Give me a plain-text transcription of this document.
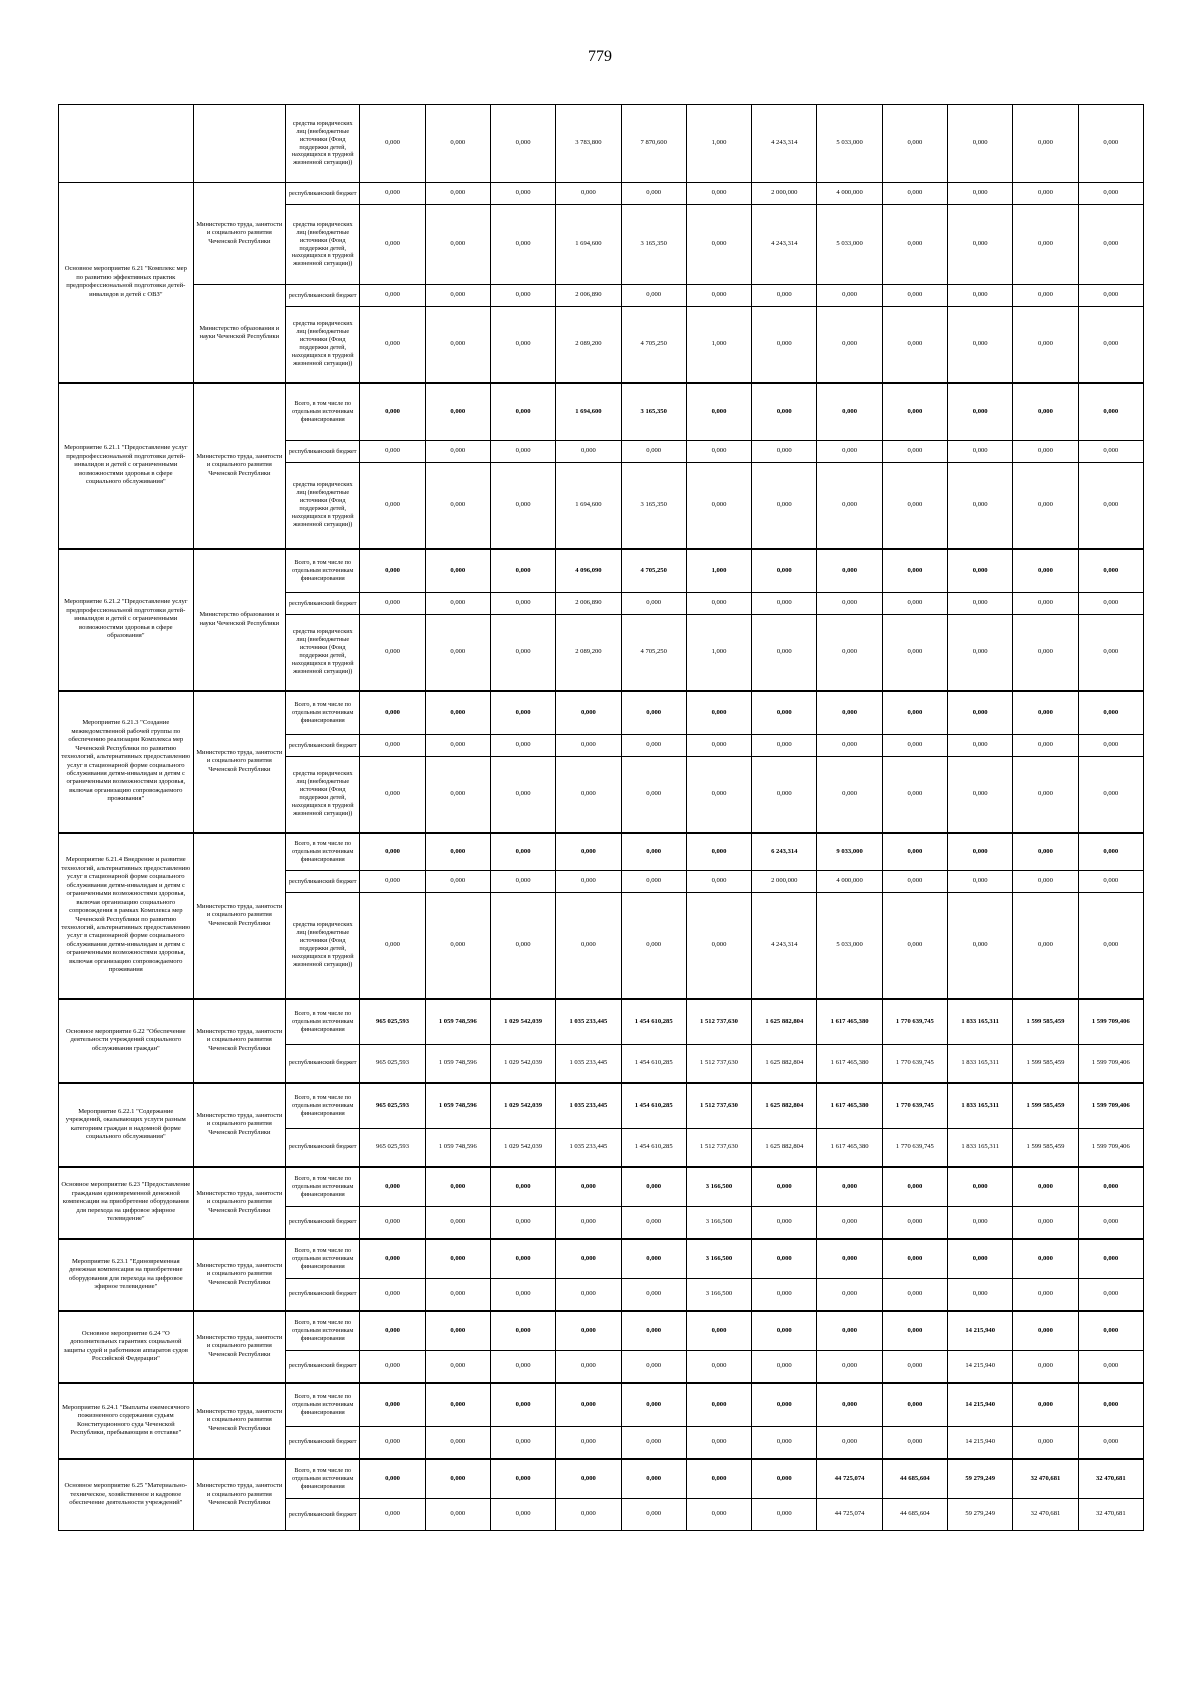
779
		средства юридических лиц (внебюджетные источники (Фонд поддержки детей, находящихся в трудной жизненной ситуации))	0,000	0,000	0,000	3 783,800	7 870,600	1,000	4 243,314	5 033,000	0,000	0,000	0,000	0,000
Основное мероприятие 6.21 "Комплекс мер по развитию эффективных практик предпрофессиональной подготовки детей-инвалидов и детей с ОВЗ"	Министерство труда, занятости и социального развития Чеченской Республики	республиканский бюджет	0,000	0,000	0,000	0,000	0,000	0,000	2 000,000	4 000,000	0,000	0,000	0,000	0,000
		средства юридических лиц (внебюджетные источники (Фонд поддержки детей, находящихся в трудной жизненной ситуации))	0,000	0,000	0,000	1 694,600	3 165,350	0,000	4 243,314	5 033,000	0,000	0,000	0,000	0,000
	Министерство образования и науки Чеченской Республики	республиканский бюджет	0,000	0,000	0,000	2 006,890	0,000	0,000	0,000	0,000	0,000	0,000	0,000	0,000
		средства юридических лиц (внебюджетные источники (Фонд поддержки детей, находящихся в трудной жизненной ситуации))	0,000	0,000	0,000	2 089,200	4 705,250	1,000	0,000	0,000	0,000	0,000	0,000	0,000
Мероприятие 6.21.1 "Предоставление услуг предпрофессиональной подготовки детей-инвалидов и детей с ограниченными возможностями здоровья в сфере социального обслуживания"	Министерство труда, занятости и социального развития Чеченской Республики	Всего, в том числе по отдельным источникам финансирования	0,000	0,000	0,000	1 694,600	3 165,350	0,000	0,000	0,000	0,000	0,000	0,000	0,000
		республиканский бюджет	0,000	0,000	0,000	0,000	0,000	0,000	0,000	0,000	0,000	0,000	0,000	0,000
		средства юридических лиц (внебюджетные источники (Фонд поддержки детей, находящихся в трудной жизненной ситуации))	0,000	0,000	0,000	1 694,600	3 165,350	0,000	0,000	0,000	0,000	0,000	0,000	0,000
Мероприятие 6.21.2 "Предоставление услуг предпрофессиональной подготовки детей-инвалидов и детей с ограниченными возможностями здоровья в сфере образования"	Министерство образования и науки Чеченской Республики	Всего, в том числе по отдельным источникам финансирования	0,000	0,000	0,000	4 096,090	4 705,250	1,000	0,000	0,000	0,000	0,000	0,000	0,000
		республиканский бюджет	0,000	0,000	0,000	2 006,890	0,000	0,000	0,000	0,000	0,000	0,000	0,000	0,000
		средства юридических лиц (внебюджетные источники (Фонд поддержки детей, находящихся в трудной жизненной ситуации))	0,000	0,000	0,000	2 089,200	4 705,250	1,000	0,000	0,000	0,000	0,000	0,000	0,000
Мероприятие 6.21.3 "Создание межведомственной рабочей группы по обеспечению реализации Комплекса мер Чеченской Республики по развитию технологий, альтернативных предоставлению услуг в стационарной форме социального обслуживания детям-инвалидам и детям с ограниченными возможностями здоровья, включая организацию сопровождаемого проживания"	Министерство труда, занятости и социального развития Чеченской Республики	Всего, в том числе по отдельным источникам финансирования	0,000	0,000	0,000	0,000	0,000	0,000	0,000	0,000	0,000	0,000	0,000	0,000
		республиканский бюджет	0,000	0,000	0,000	0,000	0,000	0,000	0,000	0,000	0,000	0,000	0,000	0,000
		средства юридических лиц (внебюджетные источники (Фонд поддержки детей, находящихся в трудной жизненной ситуации))	0,000	0,000	0,000	0,000	0,000	0,000	0,000	0,000	0,000	0,000	0,000	0,000
Мероприятие 6.21.4 Внедрение и развитие технологий, альтернативных предоставлению услуг в стационарной форме социального обслуживания детям-инвалидам и детям с ограниченными возможностями здоровья, включая организацию социального сопровождения в рамках Комплекса мер Чеченской Республики по развитию технологий, альтернативных предоставлению услуг в стационарной форме социального обслуживания детям-инвалидам и детям с ограниченными возможностями здоровья, включая организацию сопровождаемого проживания	Министерство труда, занятости и социального развития Чеченской Республики	Всего, в том числе по отдельным источникам финансирования	0,000	0,000	0,000	0,000	0,000	0,000	6 243,314	9 033,000	0,000	0,000	0,000	0,000
		республиканский бюджет	0,000	0,000	0,000	0,000	0,000	0,000	2 000,000	4 000,000	0,000	0,000	0,000	0,000
		средства юридических лиц (внебюджетные источники (Фонд поддержки детей, находящихся в трудной жизненной ситуации))	0,000	0,000	0,000	0,000	0,000	0,000	4 243,314	5 033,000	0,000	0,000	0,000	0,000
Основное мероприятие 6.22 "Обеспечение деятельности учреждений социального обслуживания граждан"	Министерство труда, занятости и социального развития Чеченской Республики	Всего, в том числе по отдельным источникам финансирования	965 025,593	1 059 748,596	1 029 542,039	1 035 233,445	1 454 610,285	1 512 737,630	1 625 882,804	1 617 465,380	1 770 639,745	1 833 165,311	1 599 585,459	1 599 709,406
		республиканский бюджет	965 025,593	1 059 748,596	1 029 542,039	1 035 233,445	1 454 610,285	1 512 737,630	1 625 882,804	1 617 465,380	1 770 639,745	1 833 165,311	1 599 585,459	1 599 709,406
Мероприятие 6.22.1 "Содержание учреждений, оказывающих услуги разным категориям граждан в надомной форме социального обслуживания"	Министерство труда, занятости и социального развития Чеченской Республики	Всего, в том числе по отдельным источникам финансирования	965 025,593	1 059 748,596	1 029 542,039	1 035 233,445	1 454 610,285	1 512 737,630	1 625 882,804	1 617 465,380	1 770 639,745	1 833 165,311	1 599 585,459	1 599 709,406
		республиканский бюджет	965 025,593	1 059 748,596	1 029 542,039	1 035 233,445	1 454 610,285	1 512 737,630	1 625 882,804	1 617 465,380	1 770 639,745	1 833 165,311	1 599 585,459	1 599 709,406
Основное мероприятие 6.23 "Предоставление гражданам единовременной денежной компенсации на приобретение оборудования для перехода на цифровое эфирное телевидение"	Министерство труда, занятости и социального развития Чеченской Республики	Всего, в том числе по отдельным источникам финансирования	0,000	0,000	0,000	0,000	0,000	3 166,500	0,000	0,000	0,000	0,000	0,000	0,000
		республиканский бюджет	0,000	0,000	0,000	0,000	0,000	3 166,500	0,000	0,000	0,000	0,000	0,000	0,000
Мероприятие 6.23.1 "Единовременная денежная компенсация на приобретение оборудования для перехода на цифровое эфирное телевидение"	Министерство труда, занятости и социального развития Чеченской Республики	Всего, в том числе по отдельным источникам финансирования	0,000	0,000	0,000	0,000	0,000	3 166,500	0,000	0,000	0,000	0,000	0,000	0,000
		республиканский бюджет	0,000	0,000	0,000	0,000	0,000	3 166,500	0,000	0,000	0,000	0,000	0,000	0,000
Основное мероприятие 6.24 "О дополнительных гарантиях социальной защиты судей и работников аппаратов судов Российской Федерации"	Министерство труда, занятости и социального развития Чеченской Республики	Всего, в том числе по отдельным источникам финансирования	0,000	0,000	0,000	0,000	0,000	0,000	0,000	0,000	0,000	14 215,940	0,000	0,000
		республиканский бюджет	0,000	0,000	0,000	0,000	0,000	0,000	0,000	0,000	0,000	14 215,940	0,000	0,000
Мероприятие 6.24.1 "Выплаты ежемесячного пожизненного содержания судьям Конституционного суда Чеченской Республики, пребывающим в отставке"	Министерство труда, занятости и социального развития Чеченской Республики	Всего, в том числе по отдельным источникам финансирования	0,000	0,000	0,000	0,000	0,000	0,000	0,000	0,000	0,000	14 215,940	0,000	0,000
		республиканский бюджет	0,000	0,000	0,000	0,000	0,000	0,000	0,000	0,000	0,000	14 215,940	0,000	0,000
Основное мероприятие 6.25 "Материально-техническое, хозяйственное и кадровое обеспечение деятельности учреждений"	Министерство труда, занятости и социального развития Чеченской Республики	Всего, в том числе по отдельным источникам финансирования	0,000	0,000	0,000	0,000	0,000	0,000	0,000	44 725,074	44 685,604	59 279,249	32 470,681	32 470,681
		республиканский бюджет	0,000	0,000	0,000	0,000	0,000	0,000	0,000	44 725,074	44 685,604	59 279,249	32 470,681	32 470,681
